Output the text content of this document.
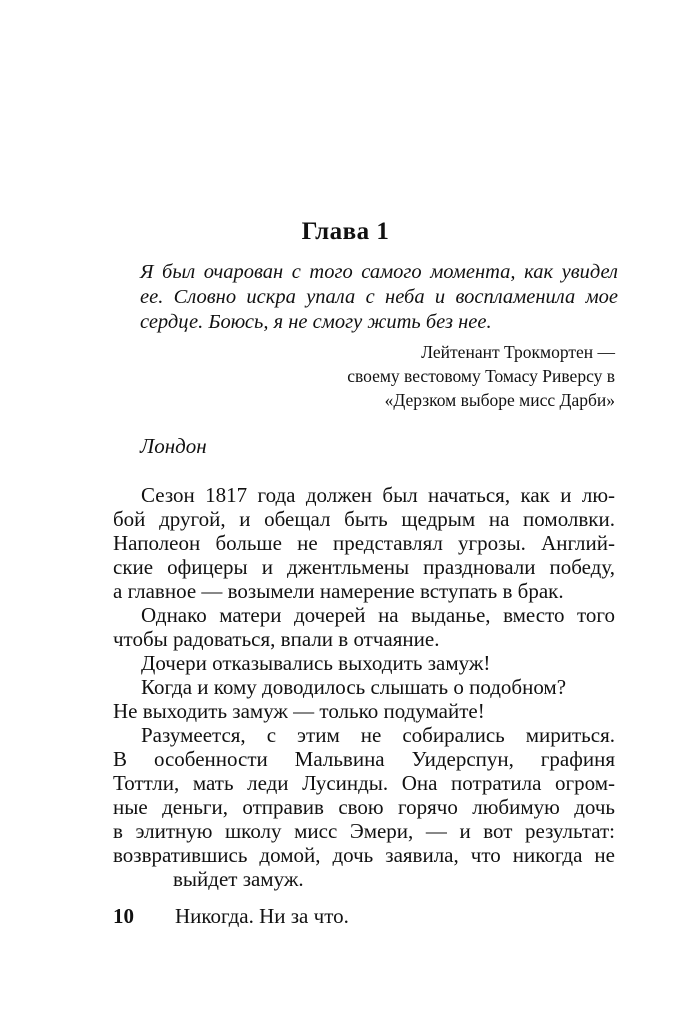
Глава 1
Я был очарован с того самого момента, как увидел
ее. Словно искра упала с неба и воспламенила мое
сердце. Боюсь, я не смогу жить без нее.
Лейтенант Трокмортен —
своему вестовому Томасу Риверсу в
«Дерзком выборе мисс Дарби»
Лондон
Сезон 1817 года должен был начаться, как и лю-
бой другой, и обещал быть щедрым на помолвки.
Наполеон больше не представлял угрозы. Англий-
ские офицеры и джентльмены праздновали победу,
а главное — возымели намерение вступать в брак.
Однако матери дочерей на выданье, вместо того
чтобы радоваться, впали в отчаяние.
Дочери отказывались выходить замуж!
Когда и кому доводилось слышать о подобном?
Не выходить замуж — только подумайте!
Разумеется, с этим не собирались мириться.
В особенности Мальвина Уидерспун, графиня
Тоттли, мать леди Лусинды. Она потратила огром-
ные деньги, отправив свою горячо любимую дочь
в элитную школу мисс Эмери, — и вот результат:
возвратившись домой, дочь заявила, что никогда не
выйдет замуж.
10 Никогда. Ни за что.
